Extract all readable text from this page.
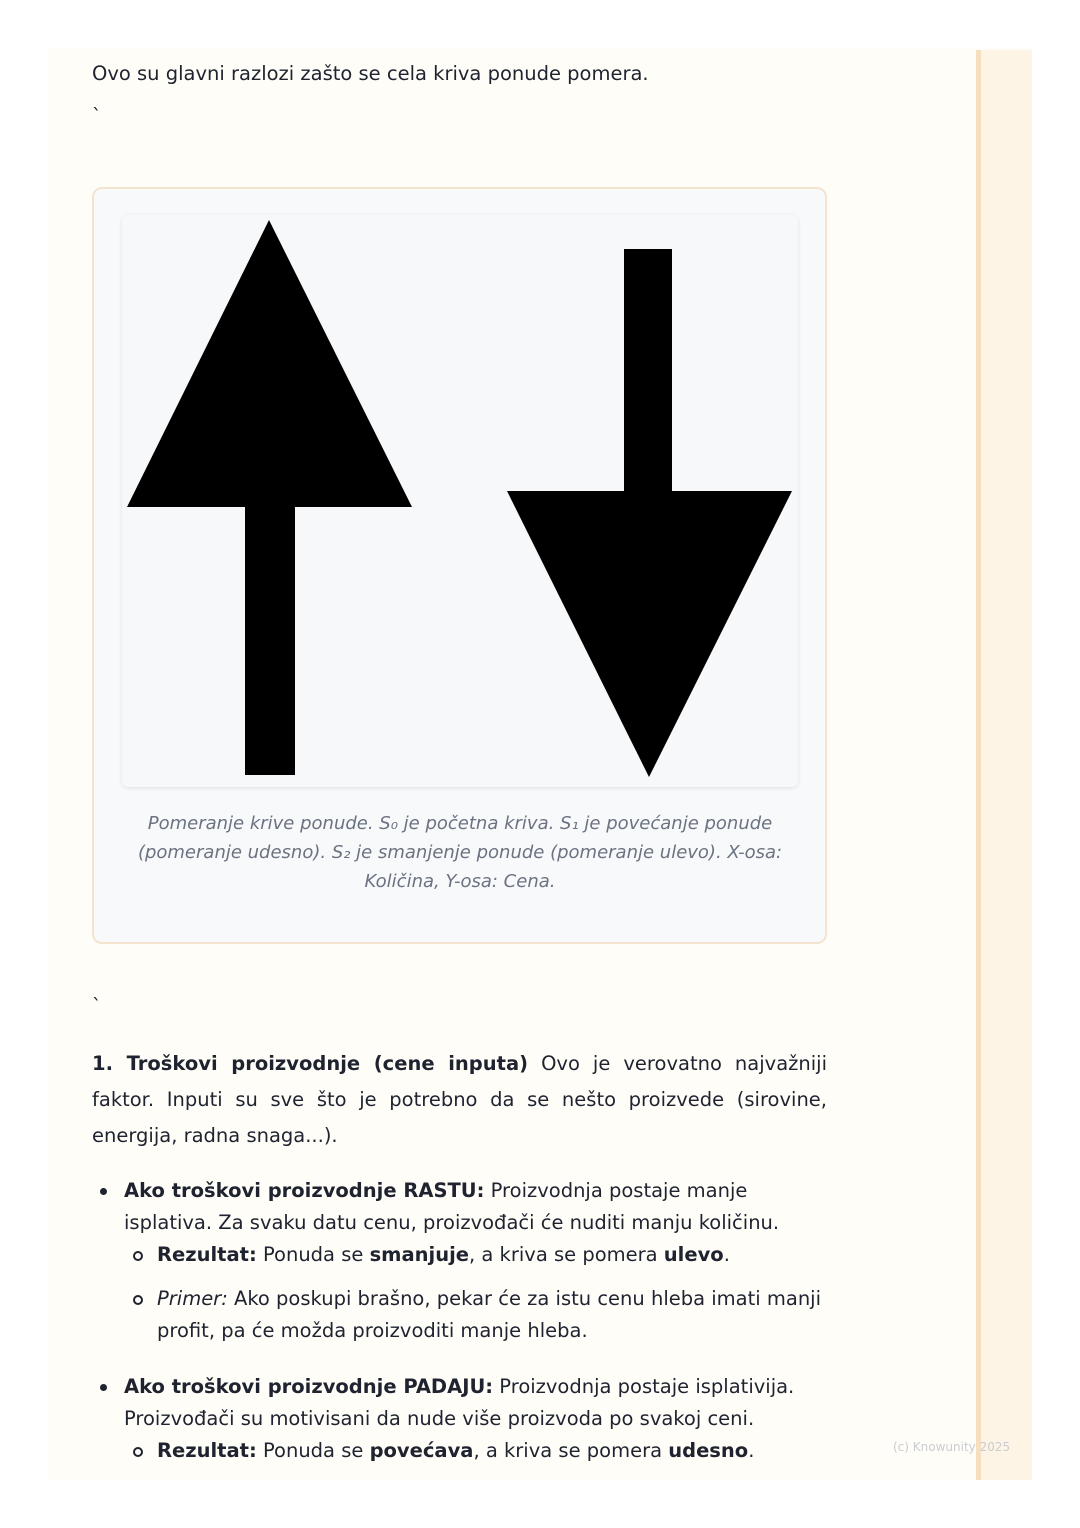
Ovo su glavni razlozi zašto se cela kriva ponude pomera.

`
Pomeranje krive ponude. S₀ je početna kriva. S₁ je povećanje ponude (pomeranje udesno). S₂ je smanjenje ponude (pomeranje ulevo). X-osa: Količina, Y-osa: Cena.
`

1. Troškovi proizvodnje (cene inputa) Ovo je verovatno najvažniji faktor. Inputi su sve što je potrebno da se nešto proizvede (sirovine, energija, radna snaga...).

Ako troškovi proizvodnje RASTU: Proizvodnja postaje manje isplativa. Za svaku datu cenu, proizvođači će nuditi manju količinu.
Rezultat: Ponuda se smanjuje, a kriva se pomera ulevo.
Primer: Ako poskupi brašno, pekar će za istu cenu hleba imati manji profit, pa će možda proizvoditi manje hleba.
Ako troškovi proizvodnje PADAJU: Proizvodnja postaje isplativija. Proizvođači su motivisani da nude više proizvoda po svakoj ceni.
Rezultat: Ponuda se povećava, a kriva se pomera udesno.	(c) Knowunity 2025
